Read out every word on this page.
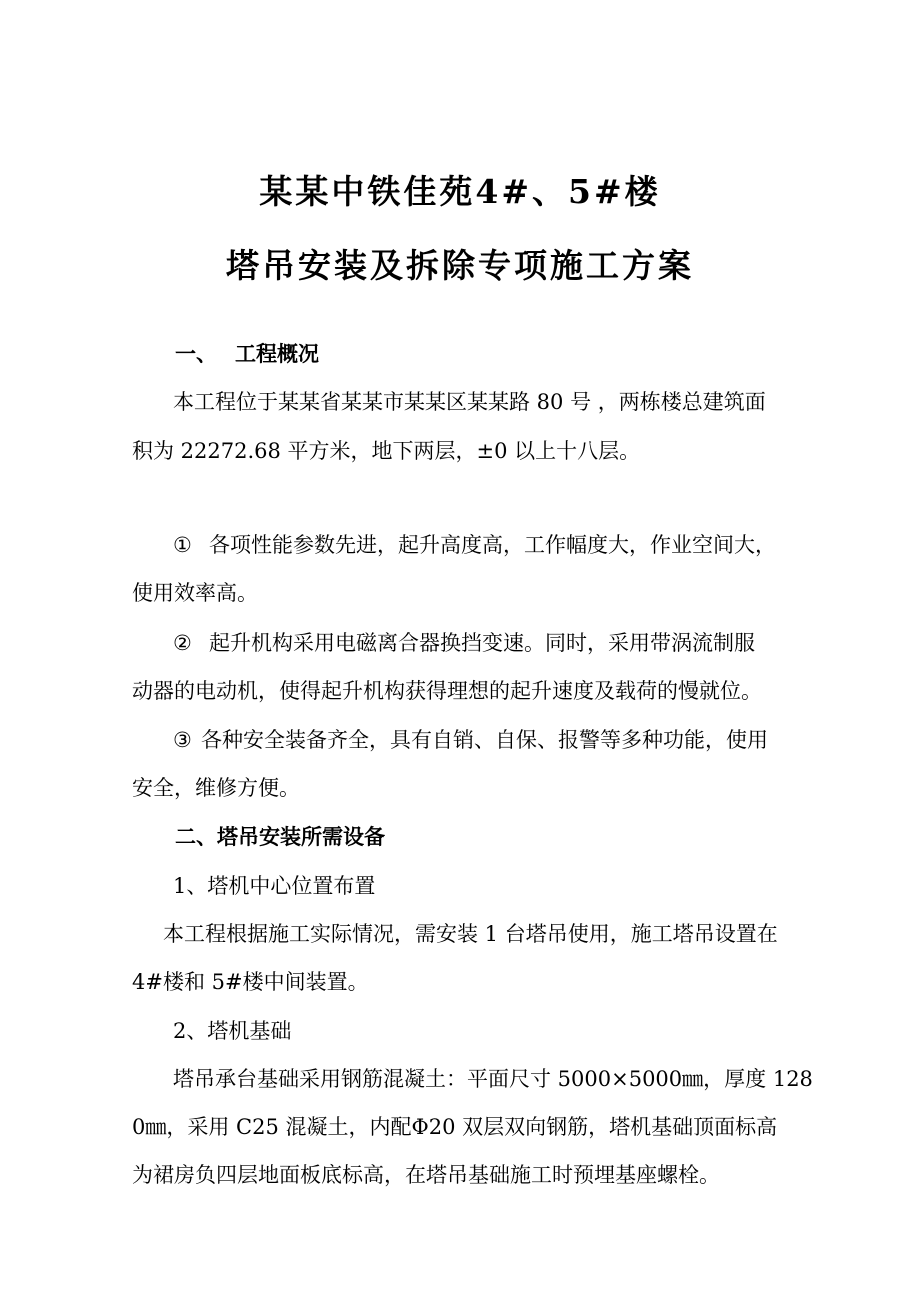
某某中铁佳苑4#、5#楼
塔吊安装及拆除专项施工方案
一、 工程概况
本工程位于某某省某某市某某区某某路 80 号 ，两栋楼总建筑面
积为 22272.68 平方米，地下两层，±0 以上十八层。
① 各项性能参数先进，起升高度高，工作幅度大，作业空间大，
使用效率高。
② 起升机构采用电磁离合器换挡变速。同时，采用带涡流制服
动器的电动机，使得起升机构获得理想的起升速度及载荷的慢就位。
③ 各种安全装备齐全，具有自销、自保、报警等多种功能，使用
安全，维修方便。
二、塔吊安装所需设备
1、塔机中心位置布置
本工程根据施工实际情况，需安装 1 台塔吊使用，施工塔吊设置在
4#楼和 5#楼中间装置。
2、塔机基础
塔吊承台基础采用钢筋混凝土：平面尺寸 5000×5000㎜，厚度 128
0㎜，采用 C25 混凝土，内配Φ20 双层双向钢筋，塔机基础顶面标高
为裙房负四层地面板底标高，在塔吊基础施工时预埋基座螺栓。
